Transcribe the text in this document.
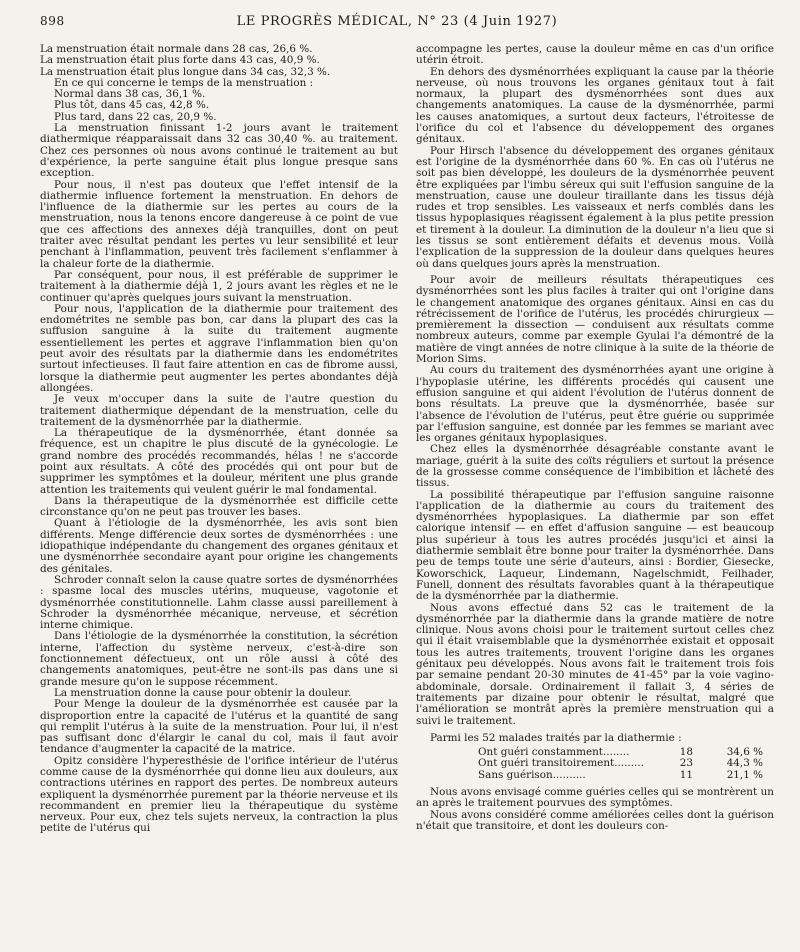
898	LE PROGRÈS MÉDICAL, N° 23 (4 Juin 1927)

La menstruation était normale dans 28 cas, 26,6 %.

La menstruation était plus forte dans 43 cas, 40,9 %.

La menstruation était plus longue dans 34 cas, 32,3 %.

En ce qui concerne le temps de la menstruation :

Normal dans 38 cas, 36,1 %.

Plus tôt, dans 45 cas, 42,8 %.

Plus tard, dans 22 cas, 20,9 %.

La menstruation finissant 1-2 jours avant le traitement diathermique réapparaissait dans 32 cas 30,40 %. au traitement. Chez ces personnes où nous avons continué le traitement au but d'expérience, la perte sanguine était plus longue presque sans exception.

Pour nous, il n'est pas douteux que l'effet intensif de la diathermie influence fortement la menstruation. En dehors de l'influence de la diathermie sur les pertes au cours de la menstruation, nous la tenons encore dangereuse à ce point de vue que ces affections des annexes déjà tranquilles, dont on peut traiter avec résultat pendant les pertes vu leur sensibilité et leur penchant à l'inflammation, peuvent très facilement s'enflammer à la chaleur forte de la diathermie.

Par conséquent, pour nous, il est préférable de supprimer le traitement à la diathermie déjà 1, 2 jours avant les règles et ne le continuer qu'après quelques jours suivant la menstruation.

Pour nous, l'application de la diathermie pour traitement des endométrites ne semble pas bon, car dans la plupart des cas la suffusion sanguine à la suite du traitement augmente essentiellement les pertes et aggrave l'inflammation bien qu'on peut avoir des résultats par la diathermie dans les endométrites surtout infectieuses. Il faut faire attention en cas de fibrome aussi, lorsque la diathermie peut augmenter les pertes abondantes déjà allongées.

Je veux m'occuper dans la suite de l'autre question du traitement diathermique dépendant de la menstruation, celle du traitement de la dysménorrhée par la diathermie.

La thérapeutique de la dysménorrhée, étant donnée sa fréquence, est un chapitre le plus discuté de la gynécologie. Le grand nombre des procédés recommandés, hélas ! ne s'accorde point aux résultats. A côté des procédés qui ont pour but de supprimer les symptômes et la douleur, méritent une plus grande attention les traitements qui veulent guérir le mal fondamental.

Dans la thérapeutique de la dysménorrhée est difficile cette circonstance qu'on ne peut pas trouver les bases.

Quant à l'étiologie de la dysménorrhée, les avis sont bien différents. Menge différencie deux sortes de dysménorrhées : une idiopathique indépendante du changement des organes génitaux et une dysménorrhée secondaire ayant pour origine les changements des génitales.

Schroder connaît selon la cause quatre sortes de dysménorrhées : spasme local des muscles utérins, muqueuse, vagotonie et dysménorrhée constitutionnelle. Lahm classe aussi pareillement à Schroder la dysménorrhée mécanique, nerveuse, et sécrétion interne chimique.

Dans l'étiologie de la dysménorrhée la constitution, la sécrétion interne, l'affection du système nerveux, c'est-à-dire son fonctionnement défectueux, ont un rôle aussi à côté des changements anatomiques, peut-être ne sont-ils pas dans une si grande mesure qu'on le suppose récemment.

La menstruation donne la cause pour obtenir la douleur.

Pour Menge la douleur de la dysménorrhée est causée par la disproportion entre la capacité de l'utérus et la quantité de sang qui remplit l'utérus à la suite de la menstruation. Pour lui, il n'est pas suffisant donc d'élargir le canal du col, mais il faut avoir tendance d'augmenter la capacité de la matrice.

Opitz considère l'hyperesthésie de l'orifice intérieur de l'utérus comme cause de la dysménorrhée qui donne lieu aux douleurs, aux contractions utérines en rapport des pertes. De nombreux auteurs expliquent la dysménorrhée purement par la théorie nerveuse et ils recommandent en premier lieu la thérapeutique du système nerveux. Pour eux, chez tels sujets nerveux, la contraction la plus petite de l'utérus qui

accompagne les pertes, cause la douleur même en cas d'un orifice utérin étroit.

En dehors des dysménorrhées expliquant la cause par la théorie nerveuse, où nous trouvons les organes génitaux tout à fait normaux, la plupart des dysménorrhées sont dues aux changements anatomiques. La cause de la dysménorrhée, parmi les causes anatomiques, a surtout deux facteurs, l'étroitesse de l'orifice du col et l'absence du développement des organes génitaux.

Pour Hirsch l'absence du développement des organes génitaux est l'origine de la dysménorrhée dans 60 %. En cas où l'utérus ne soit pas bien développé, les douleurs de la dysménorrhée peuvent être expliquées par l'imbu séreux qui suit l'effusion sanguine de la menstruation, cause une douleur tiraillante dans les tissus déjà rudes et trop sensibles. Les vaisseaux et nerfs comblés dans les tissus hypoplasiques réagissent également à la plus petite pression et tirement à la douleur. La diminution de la douleur n'a lieu que si les tissus se sont entièrement défaits et devenus mous. Voilà l'explication de la suppression de la douleur dans quelques heures où dans quelques jours après la menstruation.

Pour avoir de meilleurs résultats thérapeutiques ces dysménorrhées sont les plus faciles à traiter qui ont l'origine dans le changement anatomique des organes génitaux. Ainsi en cas du rétrécissement de l'orifice de l'utérus, les procédés chirurgieux — premièrement la dissection — conduisent aux résultats comme nombreux auteurs, comme par exemple Gyulai l'a démontré de la matière de vingt années de notre clinique à la suite de la théorie de Morion Sims.

Au cours du traitement des dysménorrhées ayant une origine à l'hypoplasie utérine, les différents procédés qui causent une effusion sanguine et qui aident l'évolution de l'utérus donnent de bons résultats. La preuve que la dysménorrhée, basée sur l'absence de l'évolution de l'utérus, peut être guérie ou supprimée par l'effusion sanguine, est donnée par les femmes se mariant avec les organes génitaux hypoplasiques.

Chez elles la dysménorrhée désagréable constante avant le mariage, guérit à la suite des coïts réguliers et surtout la présence de la grossesse comme conséquence de l'imbibition et lâcheté des tissus.

La possibilité thérapeutique par l'effusion sanguine raisonne l'application de la diathermie au cours du traitement des dysménorrhées hypoplasiques. La diathermie par son effet calorique intensif — en effet d'affusion sanguine — est beaucoup plus supérieur à tous les autres procédés jusqu'ici et ainsi la diathermie semblait être bonne pour traiter la dysménorrhée. Dans peu de temps toute une série d'auteurs, ainsi : Bordier, Giesecke, Koworschick, Laqueur, Lindemann, Nagelschmidt, Feilhader, Funell, donnent des résultats favorables quant à la thérapeutique de la dysménorrhée par la diathermie.

Nous avons effectué dans 52 cas le traitement de la dysménorrhée par la diathermie dans la grande matière de notre clinique. Nous avons choisi pour le traitement surtout celles chez qui il était vraisemblable que la dysménorrhée existait et opposait tous les autres traitements, trouvent l'origine dans les organes génitaux peu développés. Nous avons fait le traitement trois fois par semaine pendant 20-30 minutes de 41-45° par la voie vagino-abdominale, dorsale. Ordinairement il fallait 3, 4 séries de traitements par dizaine pour obtenir le résultat, malgré que l'amélioration se montrât après la première menstruation qui a suivi le traitement.

Parmi les 52 malades traités par la diathermie :

Ont guéri constamment........	18	34,6 %
Ont guéri transitoirement.........	23	44,3 %
Sans guérison..........	11	21,1 %

Nous avons envisagé comme guéries celles qui se montrèrent un an après le traitement pourvues des symptômes.

Nous avons considéré comme améliorées celles dont la guérison n'était que transitoire, et dont les douleurs con-
